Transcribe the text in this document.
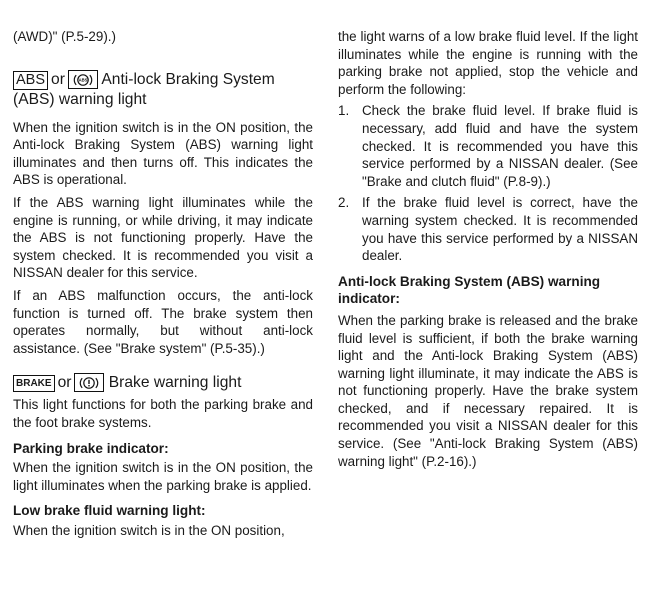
(AWD)" (P.5-29).)

ABS or	ABS Anti-lock Braking System (ABS) warning light

When the ignition switch is in the ON position, the Anti-lock Braking System (ABS) warning light illuminates and then turns off. This indicates the ABS is operational.

If the ABS warning light illuminates while the engine is running, or while driving, it may indicate the ABS is not functioning properly. Have the system checked. It is recommended you visit a NISSAN dealer for this service.

If an ABS malfunction occurs, the anti-lock function is turned off. The brake system then operates normally, but without anti-lock assistance. (See "Brake system" (P.5-35).)

BRAKE or Brake warning light

This light functions for both the parking brake and the foot brake systems.

Parking brake indicator:

When the ignition switch is in the ON position, the light illuminates when the parking brake is applied.

Low brake fluid warning light:

When the ignition switch is in the ON position,

the light warns of a low brake fluid level. If the light illuminates while the engine is running with the parking brake not applied, stop the vehicle and perform the following:

1. Check the brake fluid level. If brake fluid is necessary, add fluid and have the system checked. It is recommended you have this service performed by a NISSAN dealer. (See "Brake and clutch fluid" (P.8-9).)

2. If the brake fluid level is correct, have the warning system checked. It is recommended you have this service performed by a NISSAN dealer.

Anti-lock Braking System (ABS) warning indicator:

When the parking brake is released and the brake fluid level is sufficient, if both the brake warning light and the Anti-lock Braking System (ABS) warning light illuminate, it may indicate the ABS is not functioning properly. Have the brake system checked, and if necessary repaired. It is recommended you visit a NISSAN dealer for this service. (See "Anti-lock Braking System (ABS) warning light" (P.2-16).)
